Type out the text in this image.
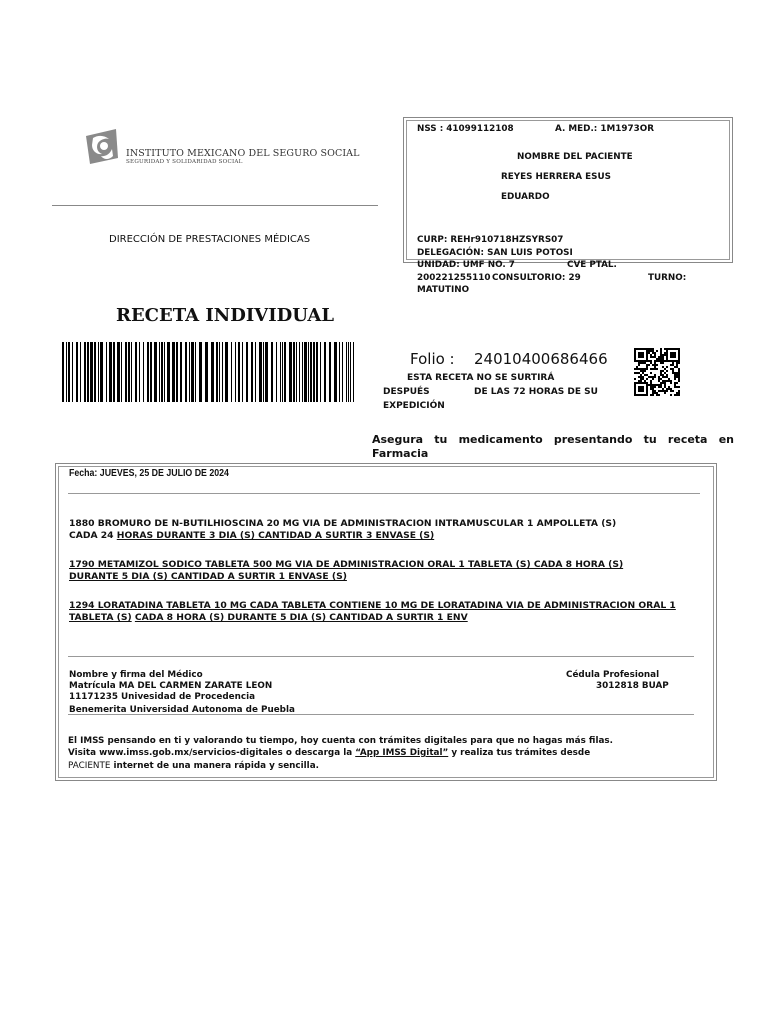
INSTITUTO MEXICANO DEL SEGURO SOCIAL
SEGURIDAD Y SOLIDARIDAD SOCIAL
DIRECCIÓN DE PRESTACIONES MÉDICAS
RECETA INDIVIDUAL
NSS : 41099112108	A. MED.: 1M1973OR
NOMBRE DEL PACIENTE
REYES HERRERA ESUS
EDUARDO
CURP: REHr910718HZSYRS07
DELEGACIÓN: SAN LUIS POTOSI
UNIDAD: UMF NO. 7	CVE PTAL.
200221255110 CONSULTORIO: 29	TURNO:
MATUTINO
Folio : 24010400686466
ESTA RECETA NO SE SURTIRÁ
DESPUÉS	DE LAS 72 HORAS DE SU
EXPEDICIÓN
Asegura tu medicamento presentando tu receta en
Farmacia
Fecha: JUEVES, 25 DE JULIO DE 2024
1880 BROMURO DE N-BUTILHIOSCINA 20 MG VIA DE ADMINISTRACION INTRAMUSCULAR 1 AMPOLLETA (S)
CADA 24 HORAS DURANTE 3 DIA (S) CANTIDAD A SURTIR 3 ENVASE (S)
1790 METAMIZOL SODICO TABLETA 500 MG VIA DE ADMINISTRACION ORAL 1 TABLETA (S) CADA 8 HORA (S)
DURANTE 5 DIA (S) CANTIDAD A SURTIR 1 ENVASE (S)
1294 LORATADINA TABLETA 10 MG CADA TABLETA CONTIENE 10 MG DE LORATADINA VIA DE ADMINISTRACION ORAL 1
TABLETA (S) CADA 8 HORA (S) DURANTE 5 DIA (S) CANTIDAD A SURTIR 1 ENV
Nombre y firma del Médico
Matrícula MA DEL CARMEN ZARATE LEON
11171235 Univesidad de Procedencia
Benemerita Universidad Autonoma de Puebla
Cédula Profesional
3012818 BUAP
El IMSS pensando en ti y valorando tu tiempo, hoy cuenta con trámites digitales para que no hagas más filas.
Visita www.imss.gob.mx/servicios-digitales o descarga la “App IMSS Digital” y realiza tus trámites desde
PACIENTE internet de una manera rápida y sencilla.
